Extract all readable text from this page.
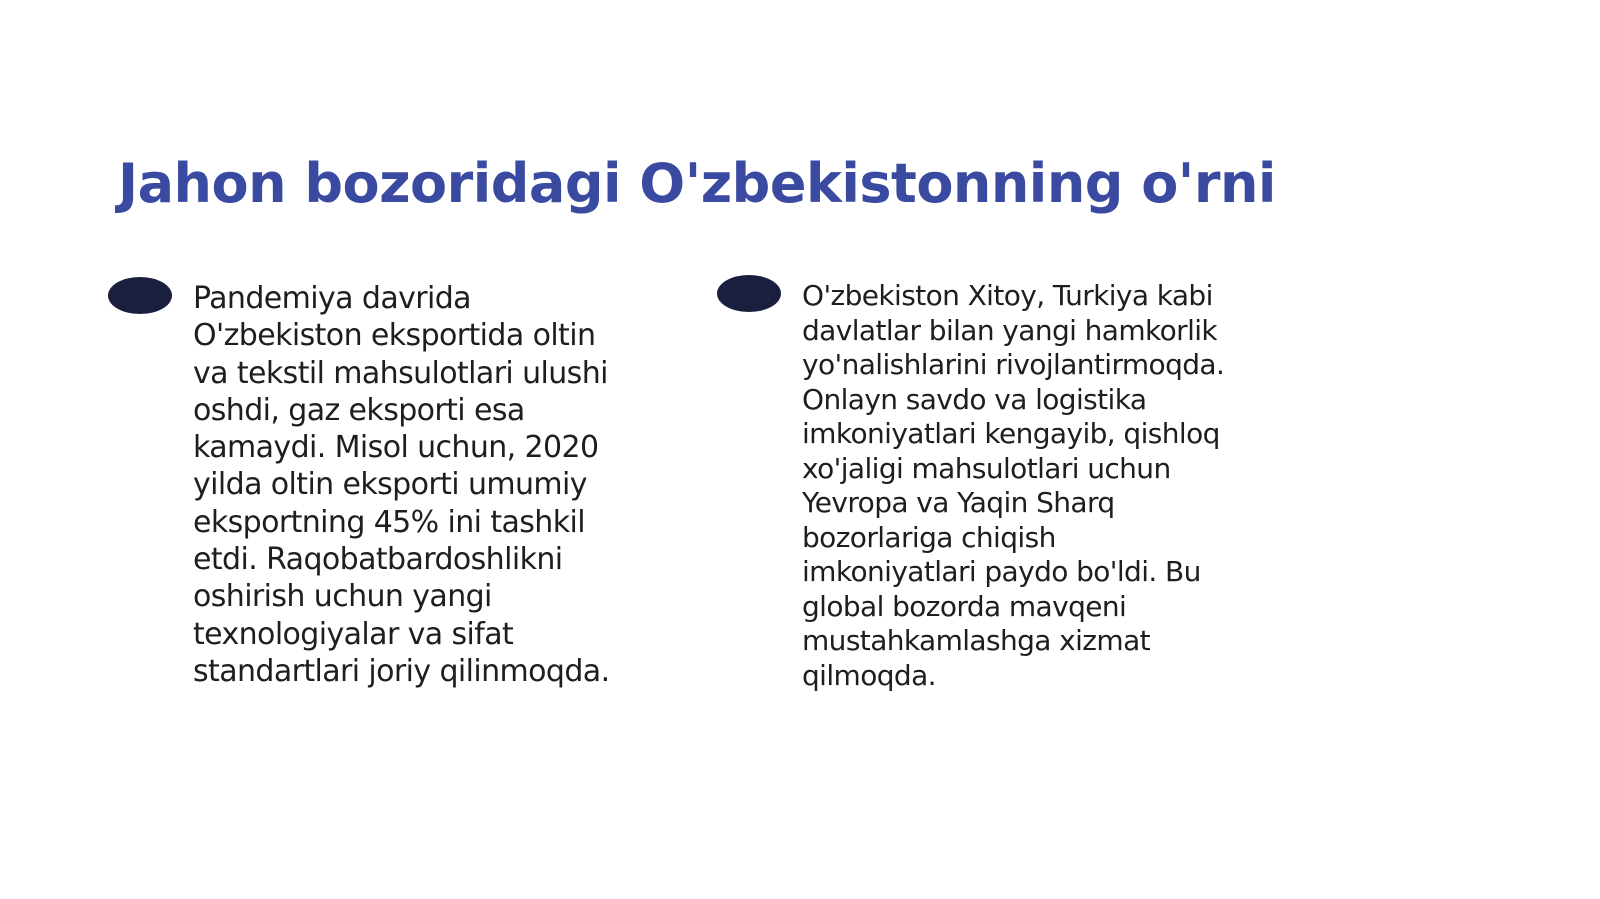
Jahon bozoridagi O'zbekistonning o'rni

Pandemiya davrida
O'zbekiston eksportida oltin
va tekstil mahsulotlari ulushi
oshdi, gaz eksporti esa
kamaydi. Misol uchun, 2020
yilda oltin eksporti umumiy
eksportning 45% ini tashkil
etdi. Raqobatbardoshlikni
oshirish uchun yangi
texnologiyalar va sifat
standartlari joriy qilinmoqda.

O'zbekiston Xitoy, Turkiya kabi
davlatlar bilan yangi hamkorlik
yo'nalishlarini rivojlantirmoqda.
Onlayn savdo va logistika
imkoniyatlari kengayib, qishloq
xo'jaligi mahsulotlari uchun
Yevropa va Yaqin Sharq
bozorlariga chiqish
imkoniyatlari paydo bo'ldi. Bu
global bozorda mavqeni
mustahkamlashga xizmat
qilmoqda.
